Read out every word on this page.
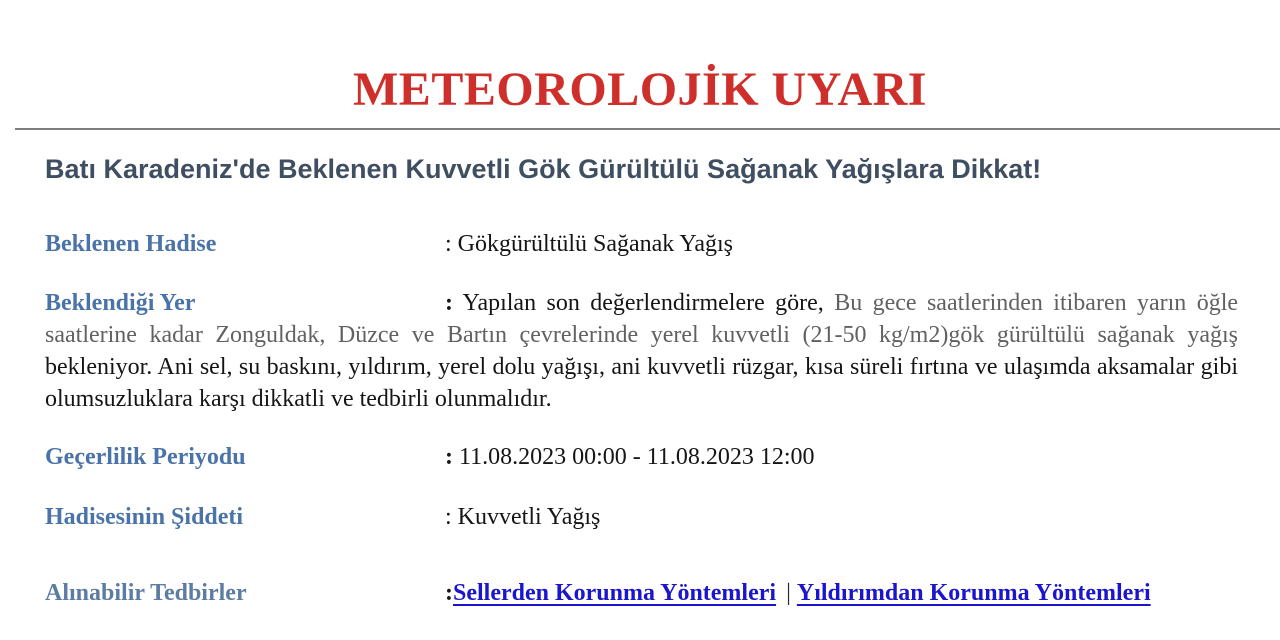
METEOROLOJİK UYARI
Batı Karadeniz'de Beklenen Kuvvetli Gök Gürültülü Sağanak Yağışlara Dikkat!

Beklenen Hadise	: Gökgürültülü Sağanak Yağış

Beklendiği Yer	: Yapılan son değerlendirmelere göre, Bu gece saatlerinden itibaren yarın öğle saatlerine kadar Zonguldak, Düzce ve Bartın çevrelerinde yerel kuvvetli (21-50 kg/m2)gök gürültülü sağanak yağış bekleniyor. Ani sel, su baskını, yıldırım, yerel dolu yağışı, ani kuvvetli rüzgar, kısa süreli fırtına ve ulaşımda aksamalar gibi olumsuzluklara karşı dikkatli ve tedbirli olunmalıdır.

Geçerlilik Periyodu	: 11.08.2023 00:00 - 11.08.2023 12:00

Hadisesinin Şiddeti	: Kuvvetli Yağış

Alınabilir Tedbirler	:Sellerden Korunma Yöntemleri | Yıldırımdan Korunma Yöntemleri
